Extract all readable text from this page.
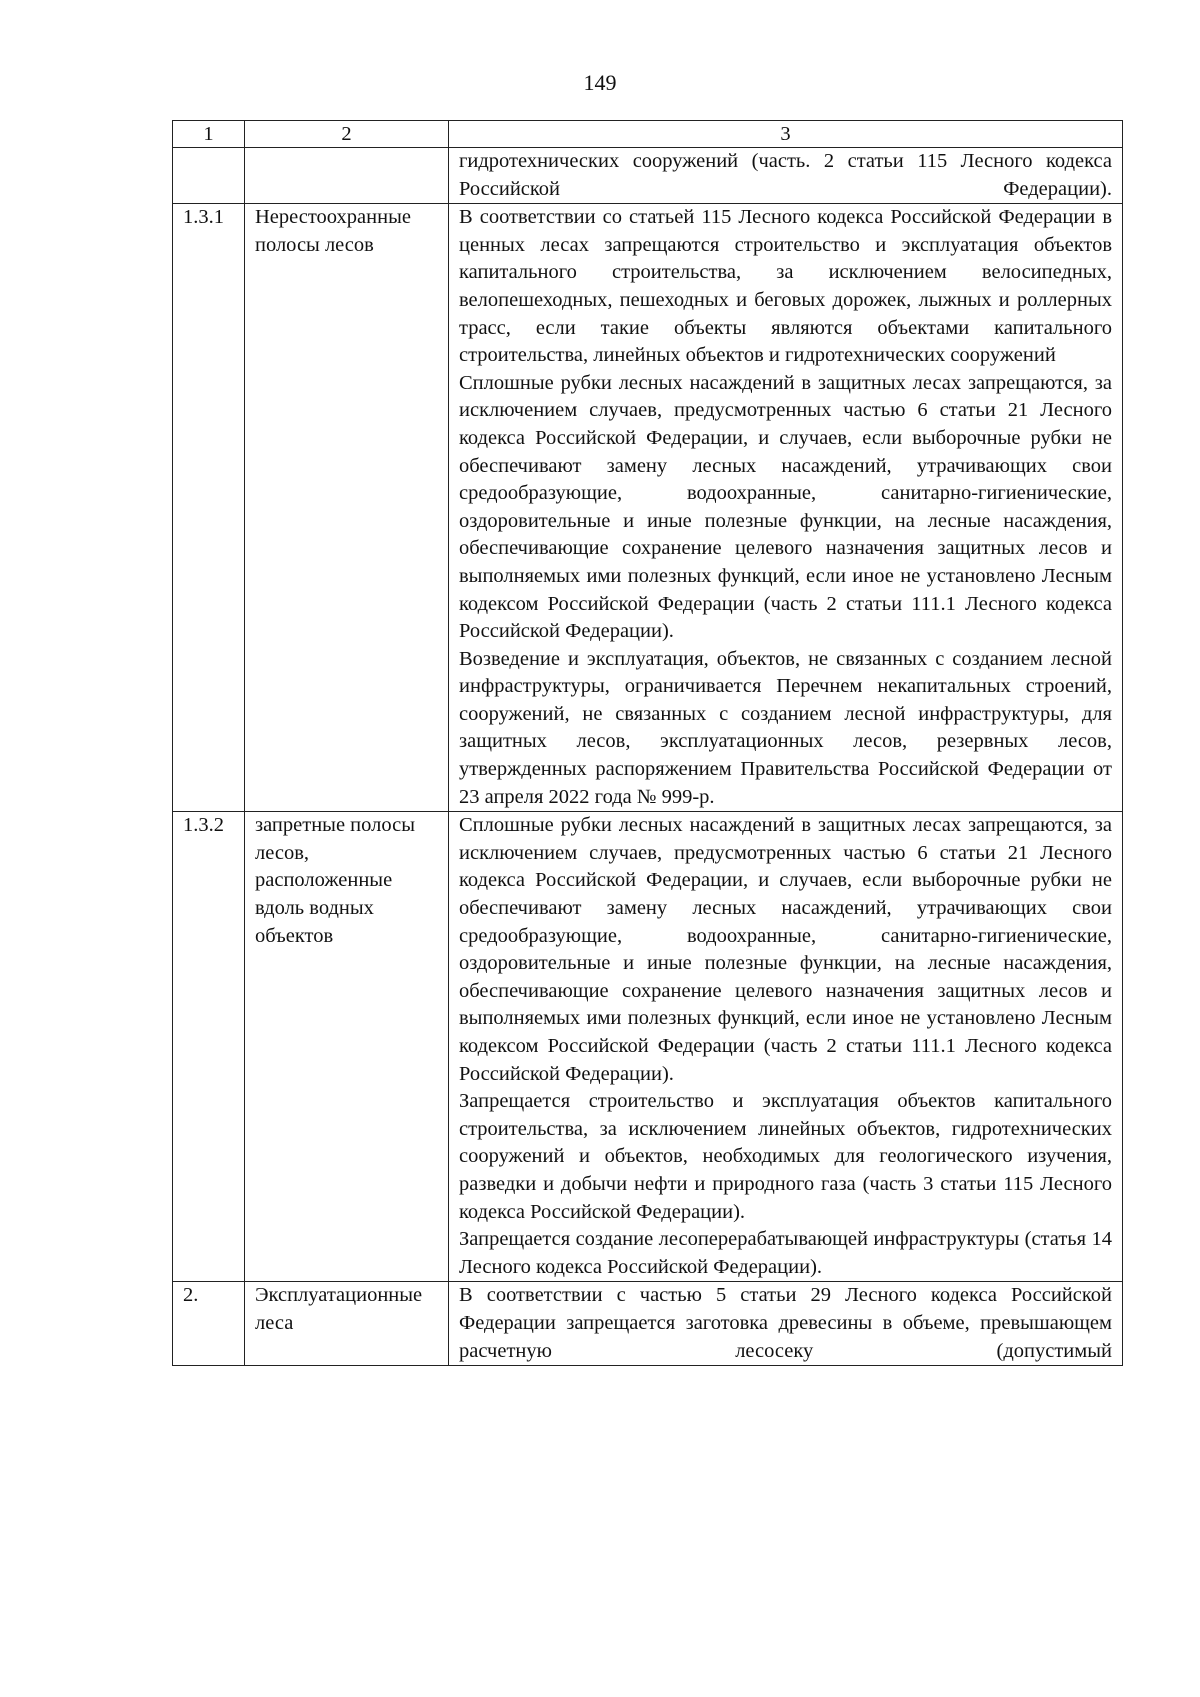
149
1	2	3

		гидротехнических сооружений (часть. 2 статьи 115 Лесного кодекса Российской Федерации).

1.3.1	Нерестоохранные полосы лесов	В соответствии со статьей 115 Лесного кодекса Российской Федерации в ценных лесах запрещаются строительство и эксплуатация объектов капитального строительства, за исключением велосипедных, велопешеходных, пешеходных и беговых дорожек, лыжных и роллерных трасс, если такие объекты являются объектами капитального строительства, линейных объектов и гидротехнических сооружений

Сплошные рубки лесных насаждений в защитных лесах запрещаются, за исключением случаев, предусмотренных частью 6 статьи 21 Лесного кодекса Российской Федерации, и случаев, если выборочные рубки не обеспечивают замену лесных насаждений, утрачивающих свои средообразующие, водоохранные, санитарно-гигиенические, оздоровительные и иные полезные функции, на лесные насаждения, обеспечивающие сохранение целевого назначения защитных лесов и выполняемых ими полезных функций, если иное не установлено Лесным кодексом Российской Федерации (часть 2 статьи 111.1 Лесного кодекса Российской Федерации).

Возведение и эксплуатация, объектов, не связанных с созданием лесной инфраструктуры, ограничивается Перечнем некапитальных строений, сооружений, не связанных с созданием лесной инфраструктуры, для защитных лесов, эксплуатационных лесов, резервных лесов, утвержденных распоряжением Правительства Российской Федерации от 23 апреля 2022 года № 999-р.

1.3.2	запретные полосы лесов, расположенные вдоль водных объектов	Сплошные рубки лесных насаждений в защитных лесах запрещаются, за исключением случаев, предусмотренных частью 6 статьи 21 Лесного кодекса Российской Федерации, и случаев, если выборочные рубки не обеспечивают замену лесных насаждений, утрачивающих свои средообразующие, водоохранные, санитарно-гигиенические, оздоровительные и иные полезные функции, на лесные насаждения, обеспечивающие сохранение целевого назначения защитных лесов и выполняемых ими полезных функций, если иное не установлено Лесным кодексом Российской Федерации (часть 2 статьи 111.1 Лесного кодекса Российской Федерации).

Запрещается строительство и эксплуатация объектов капитального строительства, за исключением линейных объектов, гидротехнических сооружений и объектов, необходимых для геологического изучения, разведки и добычи нефти и природного газа (часть 3 статьи 115 Лесного кодекса Российской Федерации).

Запрещается создание лесоперерабатывающей инфраструктуры (статья 14 Лесного кодекса Российской Федерации).

2.	Эксплуатационные леса	В соответствии с частью 5 статьи 29 Лесного кодекса Российской Федерации запрещается заготовка древесины в объеме, превышающем расчетную лесосеку (допустимый
